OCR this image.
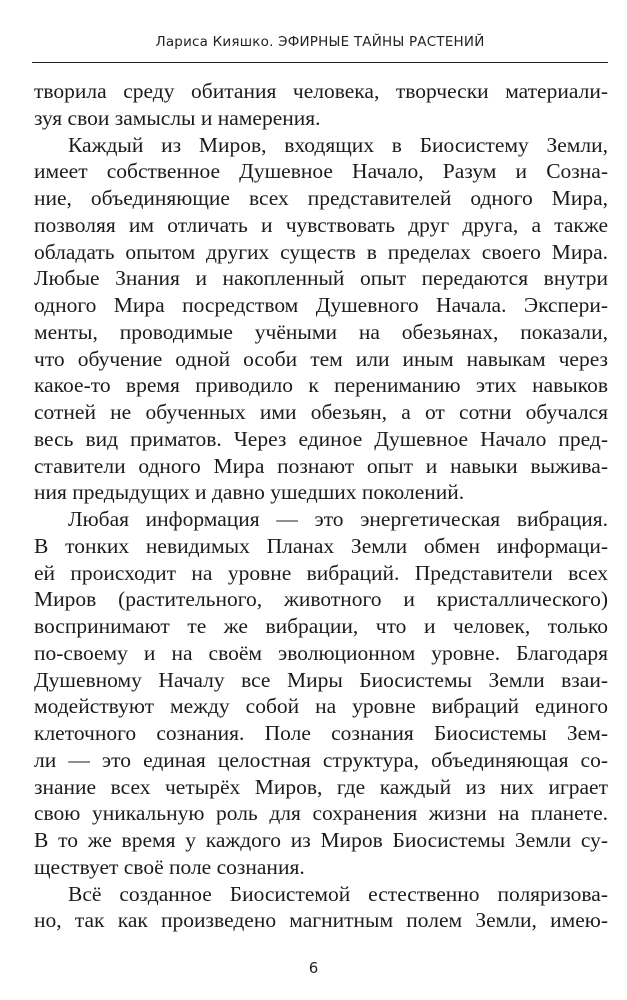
Лариса Кияшко. ЭФИРНЫЕ ТАЙНЫ РАСТЕНИЙ
творила среду обитания человека, творчески материали-
зуя свои замыслы и намерения.
Каждый из Миров, входящих в Биосистему Земли,
имеет собственное Душевное Начало, Разум и Созна-
ние, объединяющие всех представителей одного Мира,
позволяя им отличать и чувствовать друг друга, а также
обладать опытом других существ в пределах своего Мира.
Любые Знания и накопленный опыт передаются внутри
одного Мира посредством Душевного Начала. Экспери-
менты, проводимые учёными на обезьянах, показали,
что обучение одной особи тем или иным навыкам через
какое-то время приводило к перениманию этих навыков
сотней не обученных ими обезьян, а от сотни обучался
весь вид приматов. Через единое Душевное Начало пред-
ставители одного Мира познают опыт и навыки выжива-
ния предыдущих и давно ушедших поколений.
Любая информация — это энергетическая вибрация.
В тонких невидимых Планах Земли обмен информаци-
ей происходит на уровне вибраций. Представители всех
Миров (растительного, животного и кристаллического)
воспринимают те же вибрации, что и человек, только
по-своему и на своём эволюционном уровне. Благодаря
Душевному Началу все Миры Биосистемы Земли взаи-
модействуют между собой на уровне вибраций единого
клеточного сознания. Поле сознания Биосистемы Зем-
ли — это единая целостная структура, объединяющая со-
знание всех четырёх Миров, где каждый из них играет
свою уникальную роль для сохранения жизни на планете.
В то же время у каждого из Миров Биосистемы Земли су-
ществует своё поле сознания.
Всё созданное Биосистемой естественно поляризова-
но, так как произведено магнитным полем Земли, имею-
6
